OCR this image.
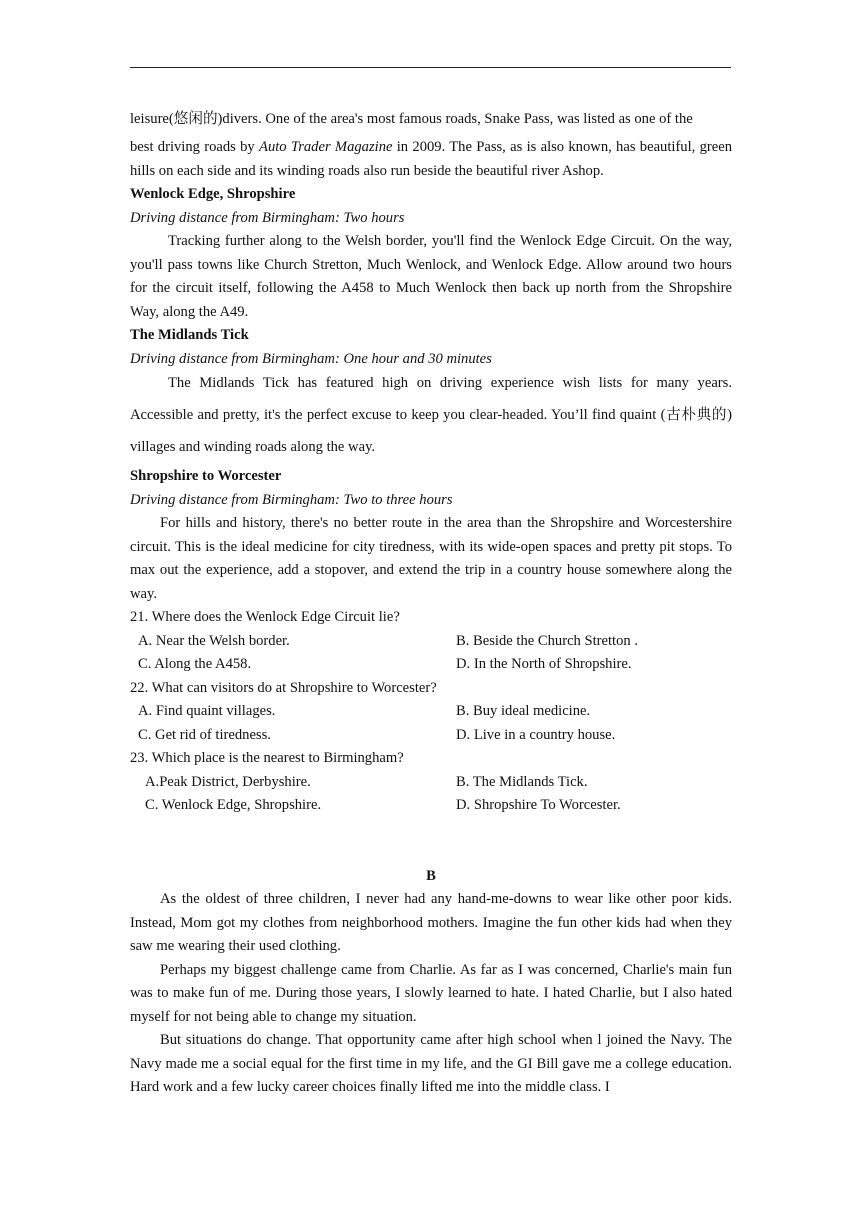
leisure(悠闲的)divers. One of the area's most famous roads, Snake Pass, was listed as one of the

best driving roads by Auto Trader Magazine in 2009. The Pass, as is also known, has beautiful, green hills on each side and its winding roads also run beside the beautiful river Ashop.

Wenlock Edge, Shropshire
Driving distance from Birmingham: Two hours

Tracking further along to the Welsh border, you'll find the Wenlock Edge Circuit. On the way, you'll pass towns like Church Stretton, Much Wenlock, and Wenlock Edge. Allow around two hours for the circuit itself, following the A458 to Much Wenlock then back up north from the Shropshire Way, along the A49.

The Midlands Tick
Driving distance from Birmingham: One hour and 30 minutes

The Midlands Tick has featured high on driving experience wish lists for many years. Accessible and pretty, it's the perfect excuse to keep you clear-headed. You’ll find quaint (古朴典的) villages and winding roads along the way.

Shropshire to Worcester
Driving distance from Birmingham: Two to three hours

For hills and history, there's no better route in the area than the Shropshire and Worcestershire circuit. This is the ideal medicine for city tiredness, with its wide-open spaces and pretty pit stops. To max out the experience, add a stopover, and extend the trip in a country house somewhere along the way.

21. Where does the Wenlock Edge Circuit lie?
A. Near the Welsh border.	B. Beside the Church Stretton .
C. Along the A458.	D. In the North of Shropshire.
22. What can visitors do at Shropshire to Worcester?
A. Find quaint villages.	B. Buy ideal medicine.
C. Get rid of tiredness.	D. Live in a country house.
23. Which place is the nearest to Birmingham?
A.Peak District, Derbyshire.	B. The Midlands Tick.
C. Wenlock Edge, Shropshire.	D. Shropshire To Worcester.
B

As the oldest of three children, I never had any hand-me-downs to wear like other poor kids. Instead, Mom got my clothes from neighborhood mothers. Imagine the fun other kids had when they saw me wearing their used clothing.

Perhaps my biggest challenge came from Charlie. As far as I was concerned, Charlie's main fun was to make fun of me. During those years, I slowly learned to hate. I hated Charlie, but I also hated myself for not being able to change my situation.

But situations do change. That opportunity came after high school when l joined the Navy. The Navy made me a social equal for the first time in my life, and the GI Bill gave me a college education. Hard work and a few lucky career choices finally lifted me into the middle class. I
